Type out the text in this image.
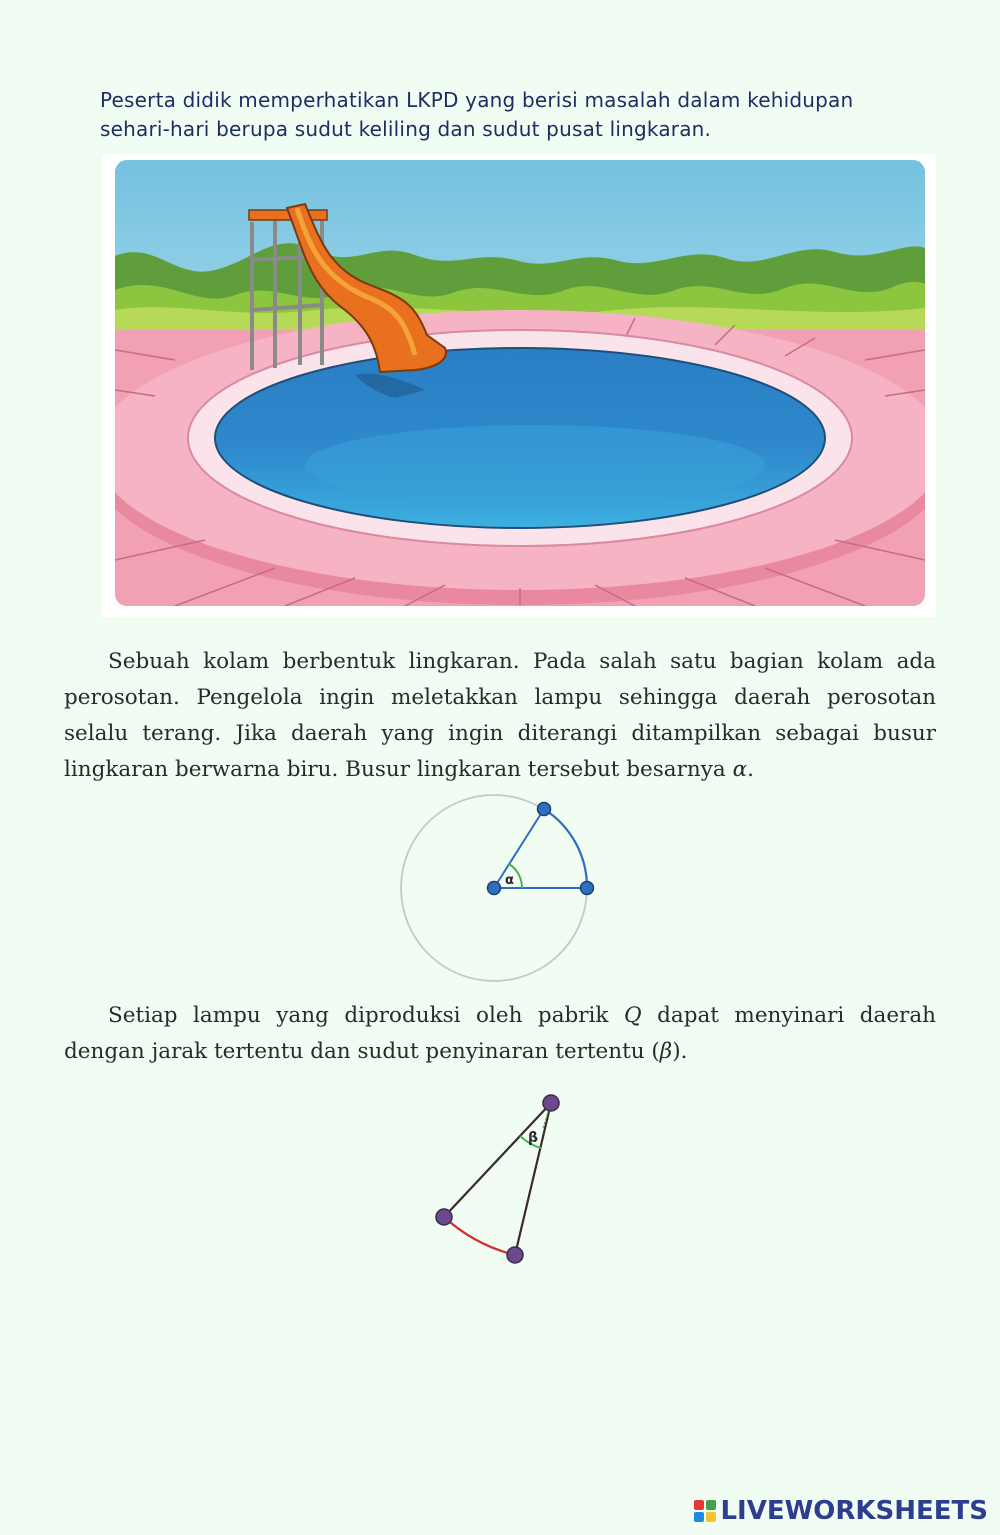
Peserta didik memperhatikan LKPD yang berisi masalah dalam kehidupan
sehari-hari berupa sudut keliling dan sudut pusat lingkaran.

Sebuah kolam berbentuk lingkaran. Pada salah satu bagian kolam ada perosotan. Pengelola ingin meletakkan lampu sehingga daerah perosotan selalu terang. Jika daerah yang ingin diterangi ditampilkan sebagai busur lingkaran berwarna biru. Busur lingkaran tersebut besarnya α.

α

Setiap lampu yang diproduksi oleh pabrik Q dapat menyinari daerah dengan jarak tertentu dan sudut penyinaran tertentu (β).

β
LIVEWORKSHEETS
